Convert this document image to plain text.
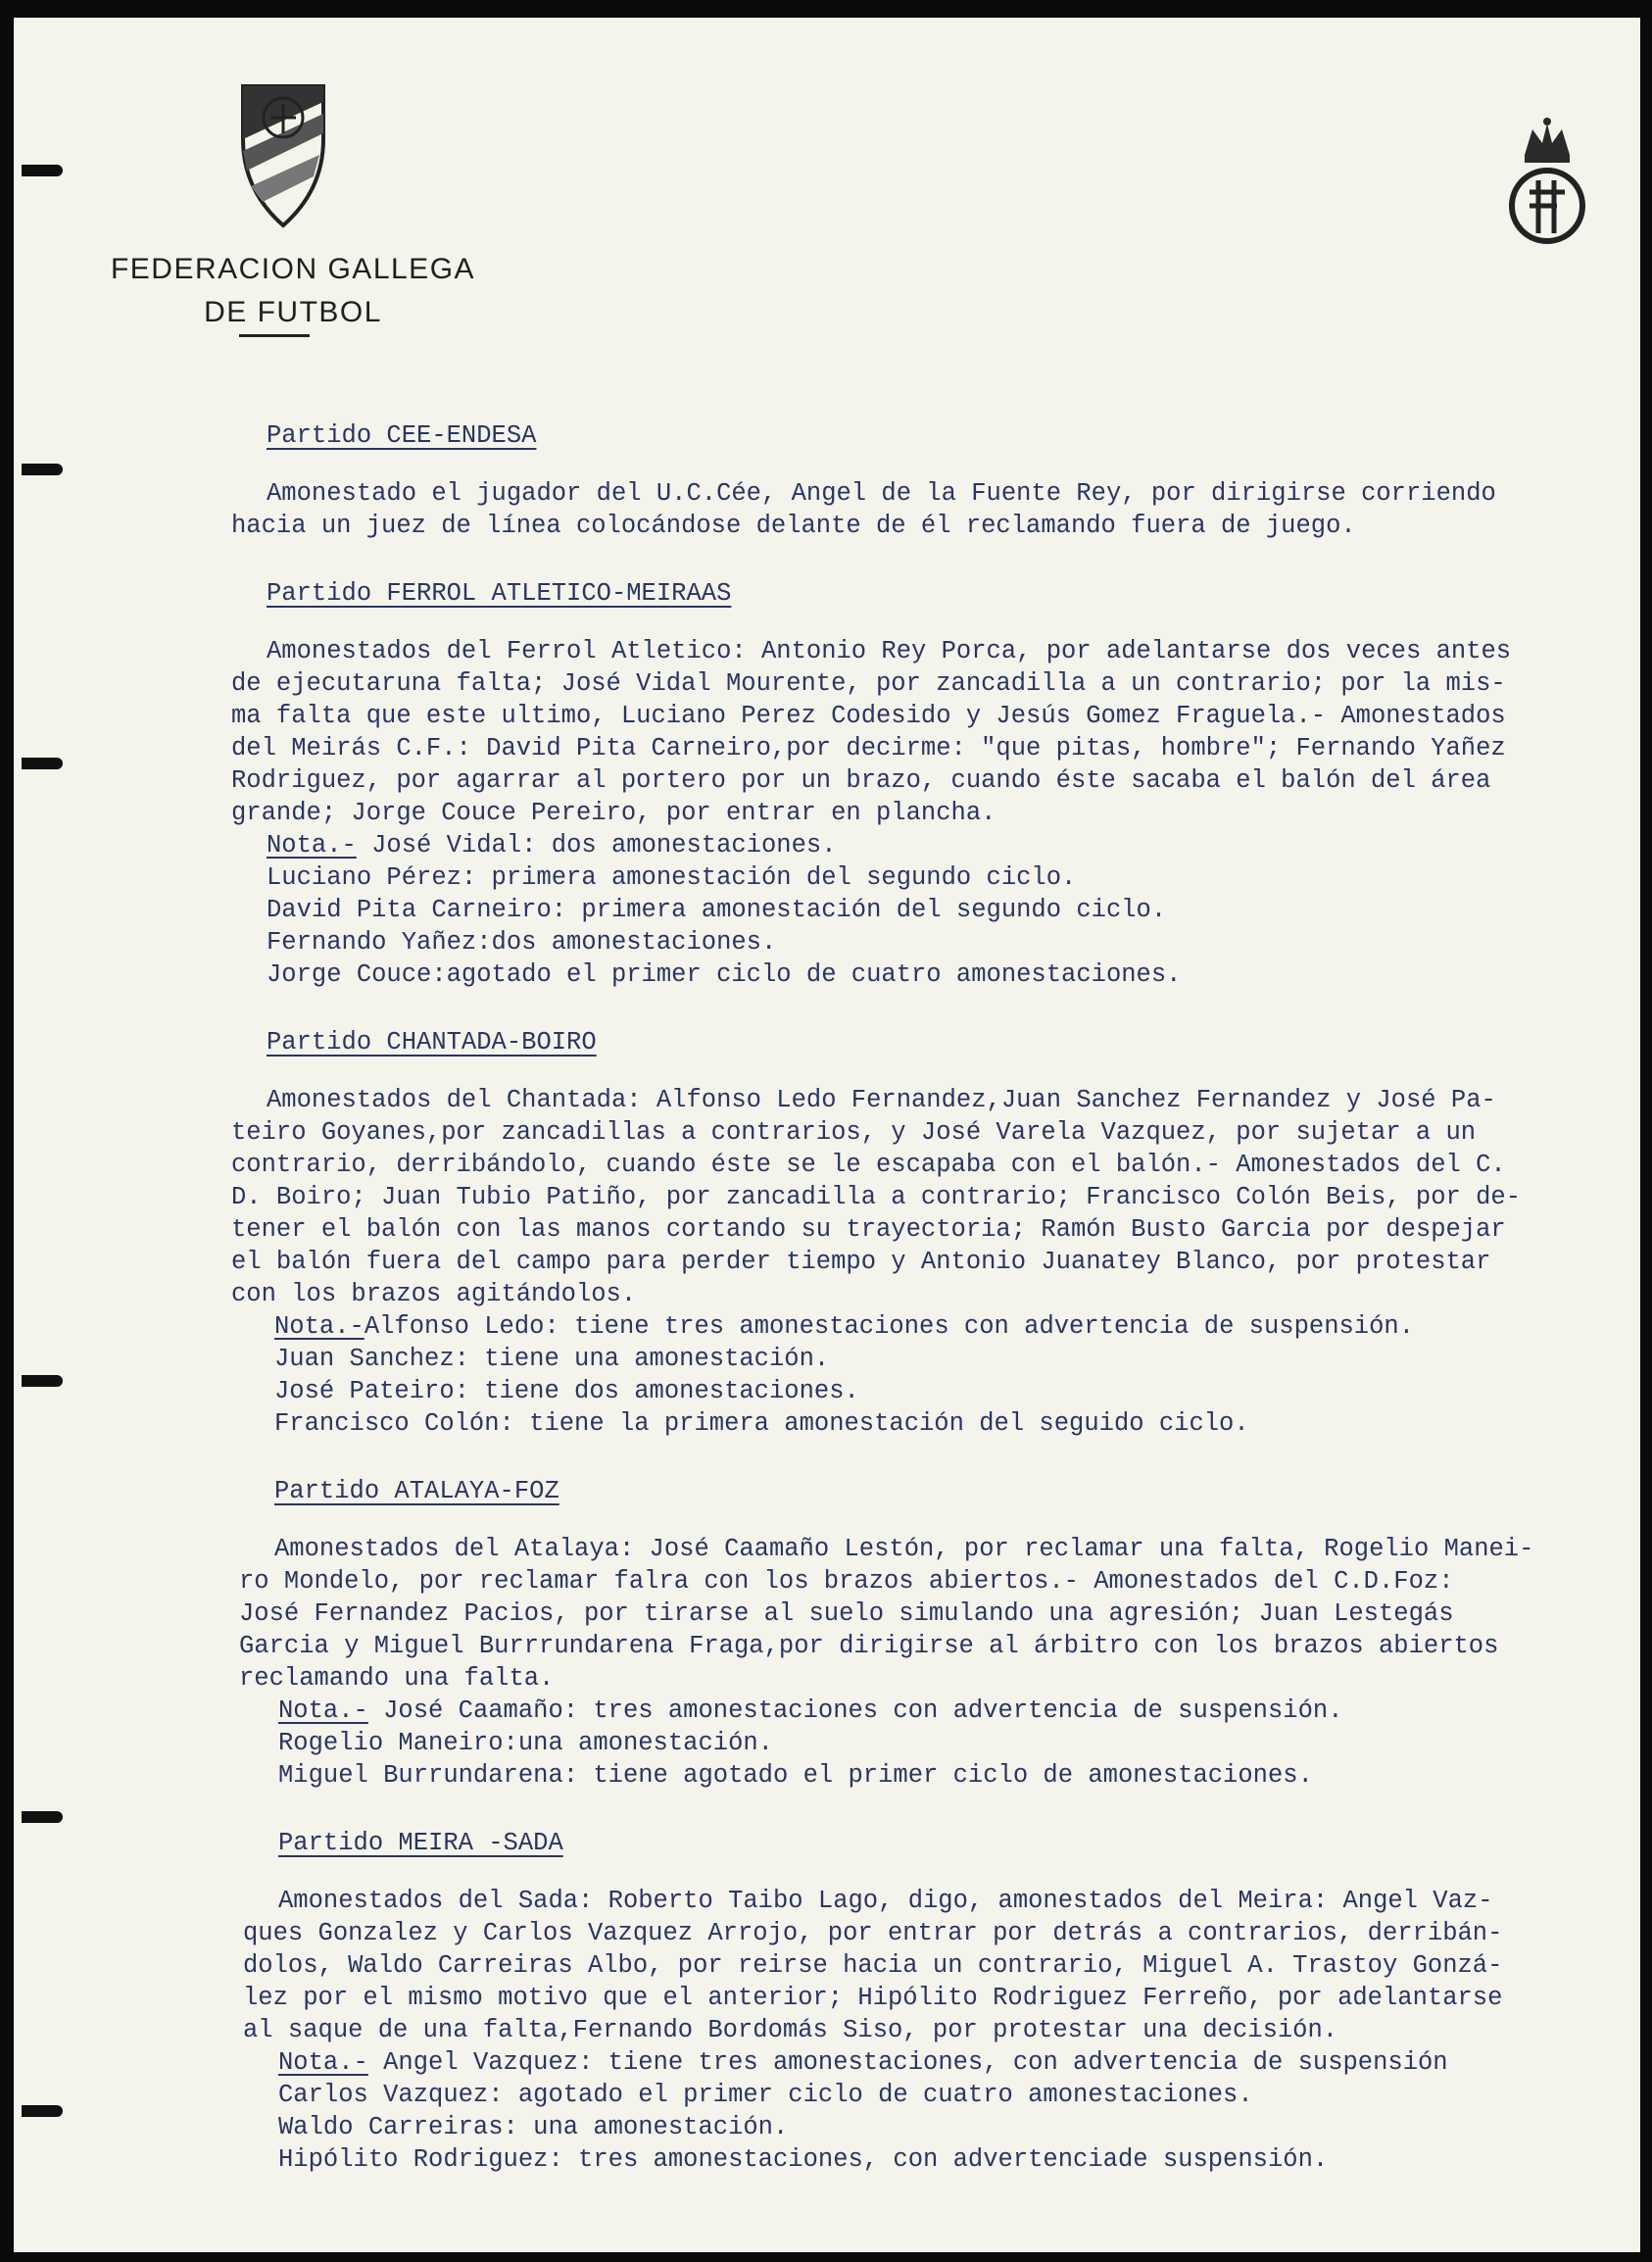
FEDERACION GALLEGA
DE FUTBOL

Partido CEE-ENDESA

Amonestado el jugador del U.C.Cée, Angel de la Fuente Rey, por dirigirse corriendo

hacia un juez de línea colocándose delante de él reclamando fuera de juego.

Partido FERROL ATLETICO-MEIRAAS

Amonestados del Ferrol Atletico: Antonio Rey Porca, por adelantarse dos veces antes

de ejecutaruna falta; José Vidal Mourente, por zancadilla a un contrario; por la mis-

ma falta que este ultimo, Luciano Perez Codesido y Jesús Gomez Fraguela.- Amonestados

del Meirás C.F.: David Pita Carneiro,por decirme: "que pitas, hombre"; Fernando Yañez

Rodriguez, por agarrar al portero por un brazo, cuando éste sacaba el balón del área

grande; Jorge Couce Pereiro, por entrar en plancha.

Nota.- José Vidal: dos amonestaciones.

Luciano Pérez: primera amonestación del segundo ciclo.

David Pita Carneiro: primera amonestación del segundo ciclo.

Fernando Yañez:dos amonestaciones.

Jorge Couce:agotado el primer ciclo de cuatro amonestaciones.

Partido CHANTADA-BOIRO

Amonestados del Chantada: Alfonso Ledo Fernandez,Juan Sanchez Fernandez y José Pa-

teiro Goyanes,por zancadillas a contrarios, y José Varela Vazquez, por sujetar a un

contrario, derribándolo, cuando éste se le escapaba con el balón.- Amonestados del C.

D. Boiro; Juan Tubio Patiño, por zancadilla a contrario; Francisco Colón Beis, por de-

tener el balón con las manos cortando su trayectoria; Ramón Busto Garcia por despejar

el balón fuera del campo para perder tiempo y Antonio Juanatey Blanco, por protestar

con los brazos agitándolos.

Nota.-Alfonso Ledo: tiene tres amonestaciones con advertencia de suspensión.

Juan Sanchez: tiene una amonestación.

José Pateiro: tiene dos amonestaciones.

Francisco Colón: tiene la primera amonestación del seguido ciclo.

Partido ATALAYA-FOZ

Amonestados del Atalaya: José Caamaño Lestón, por reclamar una falta, Rogelio Manei-

ro Mondelo, por reclamar falra con los brazos abiertos.- Amonestados del C.D.Foz:

José Fernandez Pacios, por tirarse al suelo simulando una agresión; Juan Lestegás

Garcia y Miguel Burrrundarena Fraga,por dirigirse al árbitro con los brazos abiertos

reclamando una falta.

Nota.- José Caamaño: tres amonestaciones con advertencia de suspensión.

Rogelio Maneiro:una amonestación.

Miguel Burrundarena: tiene agotado el primer ciclo de amonestaciones.

Partido MEIRA -SADA

Amonestados del Sada: Roberto Taibo Lago, digo, amonestados del Meira: Angel Vaz-

ques Gonzalez y Carlos Vazquez Arrojo, por entrar por detrás a contrarios, derribán-

dolos, Waldo Carreiras Albo, por reirse hacia un contrario, Miguel A. Trastoy Gonzá-

lez por el mismo motivo que el anterior; Hipólito Rodriguez Ferreño, por adelantarse

al saque de una falta,Fernando Bordomás Siso, por protestar una decisión.

Nota.- Angel Vazquez: tiene tres amonestaciones, con advertencia de suspensión

Carlos Vazquez: agotado el primer ciclo de cuatro amonestaciones.

Waldo Carreiras: una amonestación.

Hipólito Rodriguez: tres amonestaciones, con advertenciade suspensión.
